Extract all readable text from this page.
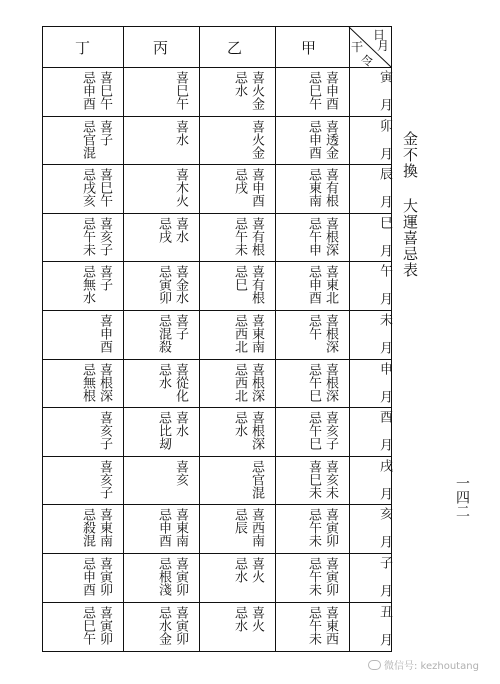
金不換 大運喜忌表
一四二
甲
乙
丙
丁
日
月
干
令
寅 月
喜申酉
忌巳午
喜火金
忌水
喜巳午
喜巳午
忌申酉
卯 月
喜透金
忌申酉
喜火金
喜水
喜子
忌官混
辰 月
喜有根
忌東南
喜申酉
忌戌
喜木火
喜巳午
忌戌亥
巳 月
喜根深
忌午申
喜有根
忌午未
喜水
忌戌
喜亥子
忌午未
午 月
喜東北
忌申酉
喜有根
忌巳
喜金水
忌寅卯
喜子
忌無水
未 月
喜根深
忌午
喜東南
忌西北
喜子
忌混殺
喜申酉
申 月
喜根深
忌午巳
喜根深
忌西北
喜從化
忌水
喜根深
忌無根
酉 月
喜亥子
忌午巳
喜根深
忌水
喜水
忌比刼
喜亥子
戌 月
喜亥未
喜巳未
忌官混
喜亥
喜亥子
亥 月
喜寅卯
忌午未
喜西南
忌辰
喜東南
忌申酉
喜東南
忌殺混
子 月
喜寅卯
忌午未
喜火
忌水
喜寅卯
忌根淺
喜寅卯
忌申酉
丑 月
喜東西
忌午未
喜火
忌水
喜寅卯
忌水金
喜寅卯
忌巳午
微信号: kezhoutang
